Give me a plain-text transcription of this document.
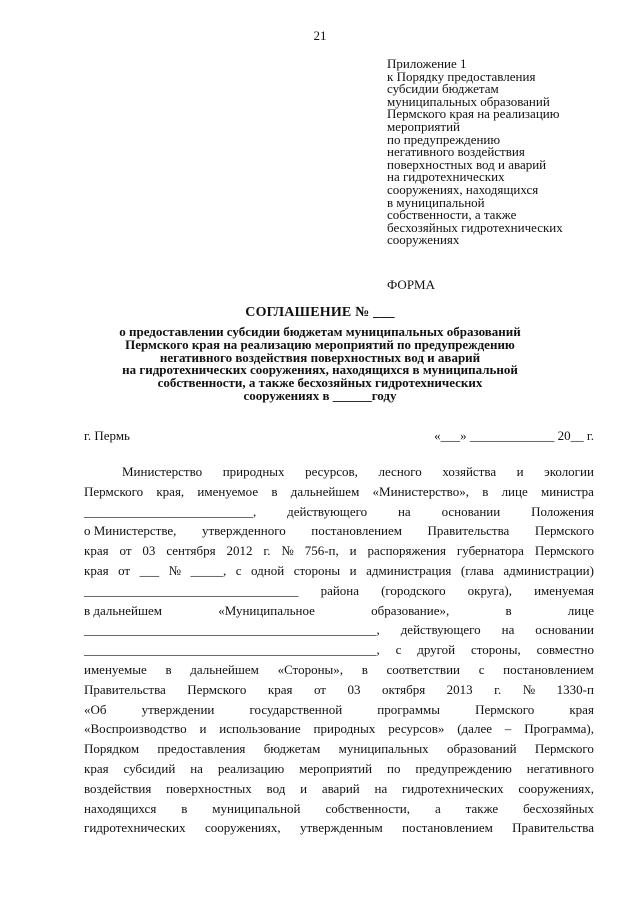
21
Приложение 1
к Порядку предоставления
субсидии бюджетам
муниципальных образований
Пермского края на реализацию
мероприятий
по предупреждению
негативного воздействия
поверхностных вод и аварий
на гидротехнических
сооружениях, находящихся
в муниципальной
собственности, а также
бесхозяйных гидротехнических
сооружениях
ФОРМА
СОГЛАШЕНИЕ № ___
о предоставлении субсидии бюджетам муниципальных образований
Пермского края на реализацию мероприятий по предупреждению
негативного воздействия поверхностных вод и аварий
на гидротехнических сооружениях, находящихся в муниципальной
собственности, а также бесхозяйных гидротехнических
сооружениях в ______году
г. Пермь	«___» _____________ 20__ г.
Министерство природных ресурсов, лесного хозяйства и экологии
Пермского края, именуемое в дальнейшем «Министерство», в лице министра
__________________________, действующего на основании Положения
о Министерстве, утвержденного постановлением Правительства Пермского
края от 03 сентября 2012 г. № 756-п, и распоряжения губернатора Пермского
края от ___ № _____, с одной стороны и администрация (глава администрации)
_________________________________ района (городского округа), именуемая
в дальнейшем	«Муниципальное	образование»,	в	лице
_____________________________________________, действующего на основании
_____________________________________________, с другой стороны, совместно
именуемые в дальнейшем «Стороны», в соответствии с постановлением
Правительства Пермского края от 03 октября 2013 г. № 1330-п
«Об	утверждении	государственной	программы	Пермского	края
«Воспроизводство и использование природных ресурсов» (далее – Программа),
Порядком предоставления бюджетам муниципальных образований Пермского
края субсидий на реализацию мероприятий по предупреждению негативного
воздействия поверхностных вод и аварий на гидротехнических сооружениях,
находящихся в муниципальной собственности, а также бесхозяйных
гидротехнических сооружениях, утвержденным постановлением Правительства
